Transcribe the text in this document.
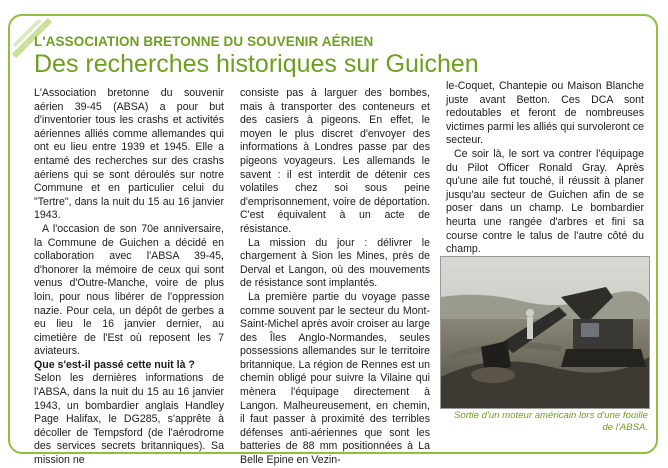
L'ASSOCIATION BRETONNE DU SOUVENIR AÉRIEN
Des recherches historiques sur Guichen

L'Association bretonne du souvenir aérien 39-45 (ABSA) a pour but d'inventorier tous les crashs et activités aériennes alliés comme allemandes qui ont eu lieu entre 1939 et 1945. Elle a entamé des recherches sur des crashs aériens qui se sont déroulés sur notre Commune et en particulier celui du "Tertre", dans la nuit du 15 au 16 janvier 1943.

A l'occasion de son 70e anniversaire, la Commune de Guichen a décidé en collaboration avec l'ABSA 39-45, d'honorer la mémoire de ceux qui sont venus d'Outre-Manche, voire de plus loin, pour nous libérer de l'oppression nazie. Pour cela, un dépôt de gerbes a eu lieu le 16 janvier dernier, au cimetière de l'Est où reposent les 7 aviateurs.

Que s'est-il passé cette nuit là ?

Selon les dernières informations de l'ABSA, dans la nuit du 15 au 16 janvier 1943, un bombardier anglais Handley Page Halifax, le DG285, s'apprête à décoller de Tempsford (de l'aérodrome des services secrets britanniques). Sa mission ne

consiste pas à larguer des bombes, mais à transporter des conteneurs et des casiers à pigeons. En effet, le moyen le plus discret d'envoyer des informations à Londres passe par des pigeons voyageurs. Les allemands le savent : il est interdit de détenir ces volatiles chez soi sous peine d'emprisonnement, voire de déportation. C'est équivalent à un acte de résistance.

La mission du jour : délivrer le chargement à Sion les Mines, près de Derval et Langon, où des mouvements de résistance sont implantés.

La première partie du voyage passe comme souvent par le secteur du Mont-Saint-Michel après avoir croiser au large des Îles Anglo-Normandes, seules possessions allemandes sur le territoire britannique. La région de Rennes est un chemin obligé pour suivre la Vilaine qui mènera l'équipage directement à Langon. Malheureusement, en chemin, il faut passer à proximité des terribles défenses anti-aériennes que sont les batteries de 88 mm positionnées à La Belle Epine en Vezin-

le-Coquet, Chantepie ou Maison Blanche juste avant Betton. Ces DCA sont redoutables et feront de nombreuses victimes parmi les alliés qui survoleront ce secteur.

Ce soir là, le sort va contrer l'équipage du Pilot Officer Ronald Gray. Après qu'une aile fut touché, il réussit à planer jusqu'au secteur de Guichen afin de se poser dans un champ. Le bombardier heurta une rangée d'arbres et fini sa course contre le talus de l'autre côté du champ.

Sortie d'un moteur américain lors d'une fouille de l'ABSA.
